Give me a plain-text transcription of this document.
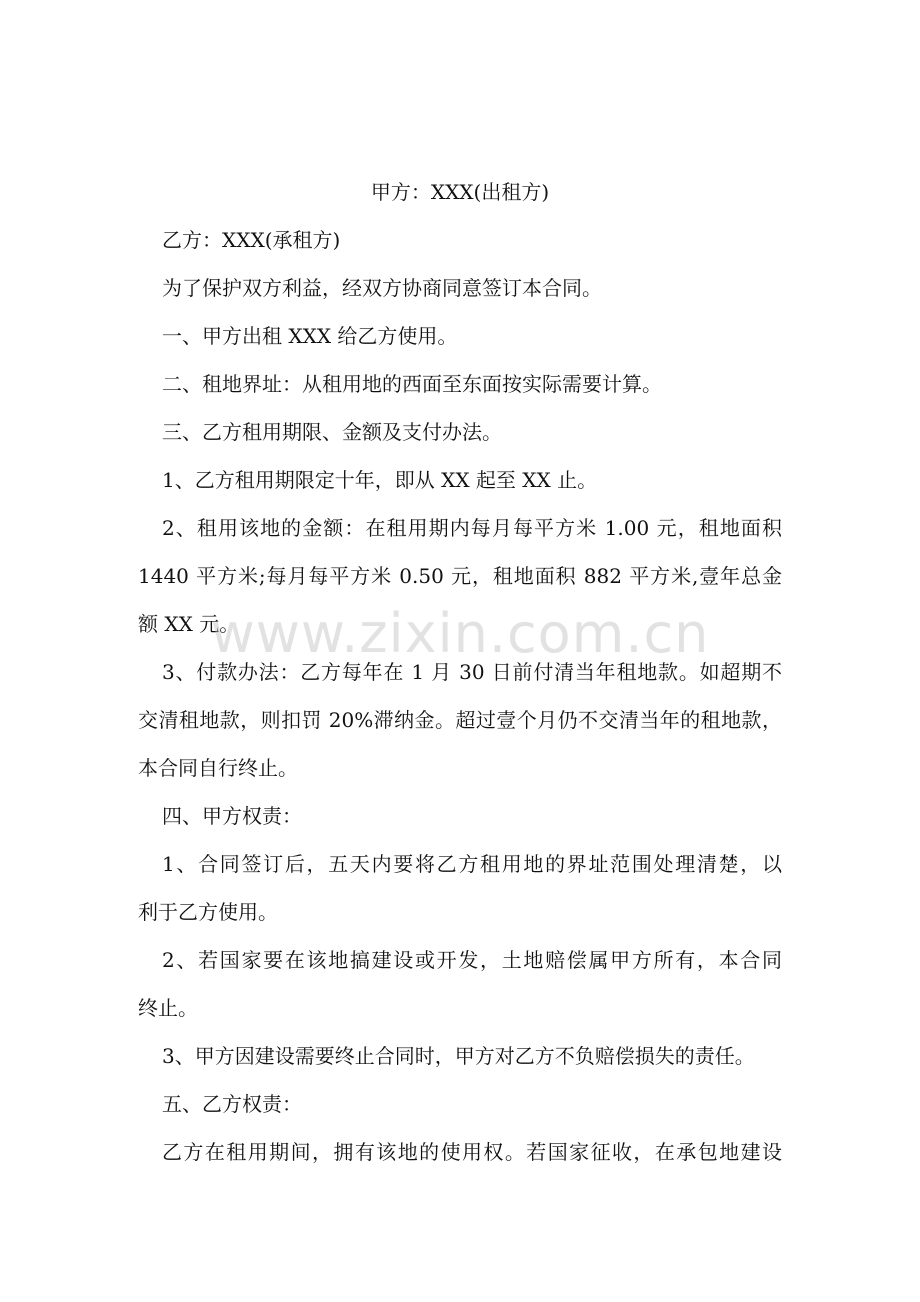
甲方：XXX(出租方)
乙方：XXX(承租方)
为了保护双方利益，经双方协商同意签订本合同。
一、甲方出租 XXX 给乙方使用。
二、租地界址：从租用地的西面至东面按实际需要计算。
三、乙方租用期限、金额及支付办法。
1、乙方租用期限定十年，即从 XX 起至 XX 止。
2、租用该地的金额：在租用期内每月每平方米 1.00 元，租地面积
1440 平方米;每月每平方米 0.50 元，租地面积 882 平方米,壹年总金
额 XX 元。
3、付款办法：乙方每年在 1 月 30 日前付清当年租地款。如超期不
交清租地款，则扣罚 20%滞纳金。超过壹个月仍不交清当年的租地款，
本合同自行终止。
四、甲方权责：
1、合同签订后，五天内要将乙方租用地的界址范围处理清楚，以
利于乙方使用。
2、若国家要在该地搞建设或开发，土地赔偿属甲方所有，本合同
终止。
3、甲方因建设需要终止合同时，甲方对乙方不负赔偿损失的责任。
五、乙方权责：
乙方在租用期间，拥有该地的使用权。若国家征收，在承包地建设
www.zixin.com.cn
